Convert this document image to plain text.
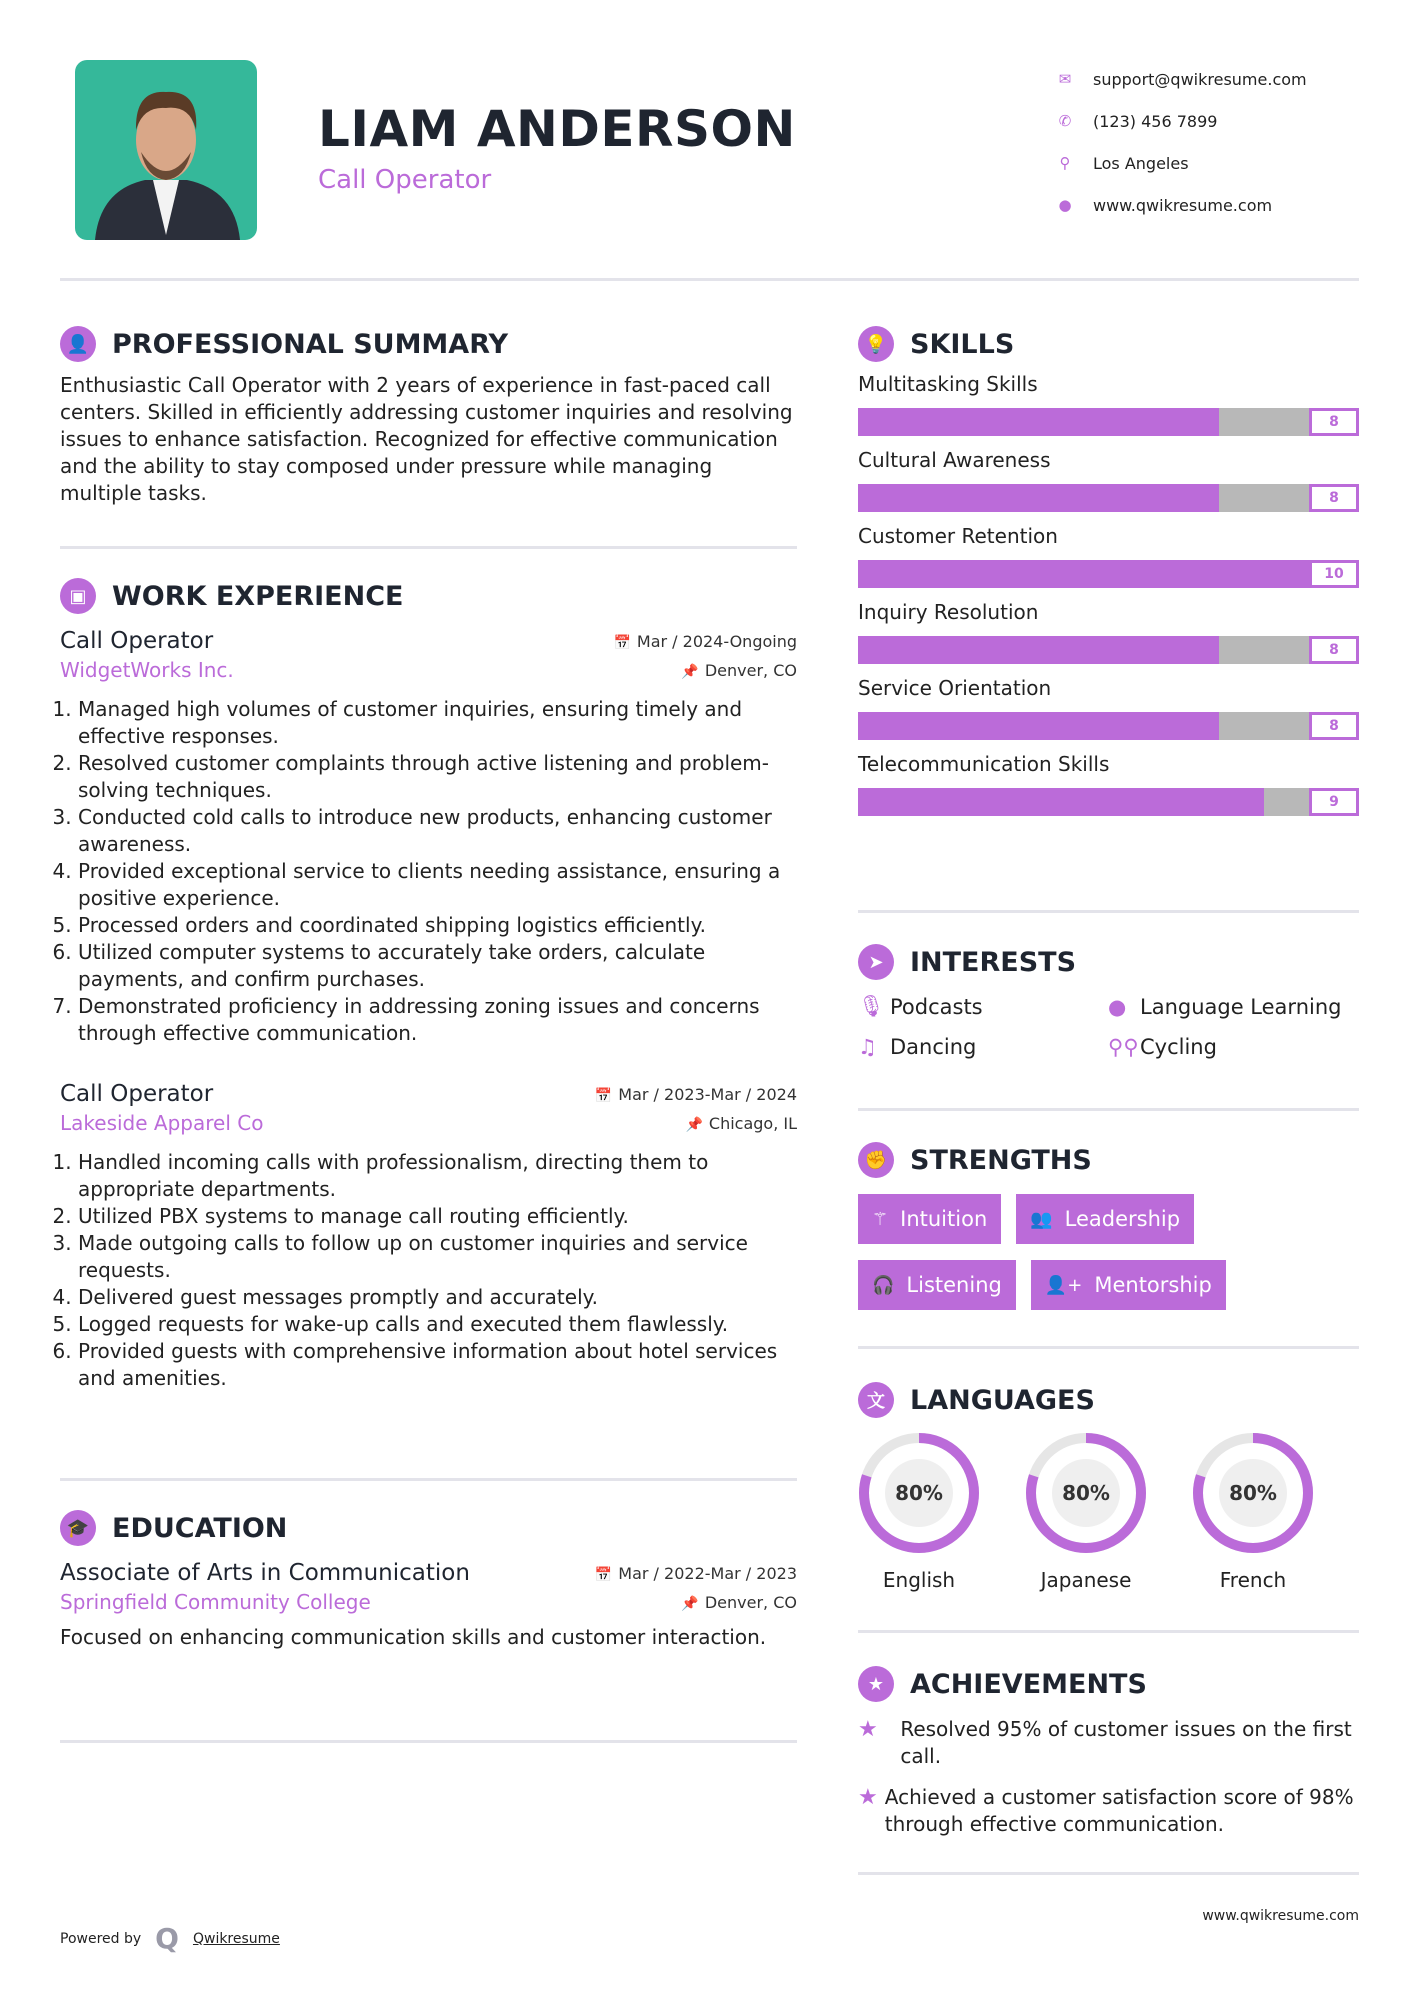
LIAM ANDERSON
Call Operator
✉ support@qwikresume.com
✆ (123) 456 7899
⚲ Los Angeles
● www.qwikresume.com
👤 PROFESSIONAL SUMMARY

Enthusiastic Call Operator with 2 years of experience in fast-paced call centers. Skilled in efficiently addressing customer inquiries and resolving issues to enhance satisfaction. Recognized for effective communication and the ability to stay composed under pressure while managing multiple tasks.

▣ WORK EXPERIENCE
Call Operator	📅 Mar / 2024-Ongoing
WidgetWorks Inc.	📌 Denver, CO
1. Managed high volumes of customer inquiries, ensuring timely and effective responses.
2. Resolved customer complaints through active listening and problem-solving techniques.
3. Conducted cold calls to introduce new products, enhancing customer awareness.
4. Provided exceptional service to clients needing assistance, ensuring a positive experience.
5. Processed orders and coordinated shipping logistics efficiently.
6. Utilized computer systems to accurately take orders, calculate payments, and confirm purchases.
7. Demonstrated proficiency in addressing zoning issues and concerns through effective communication.
Call Operator	📅 Mar / 2023-Mar / 2024
Lakeside Apparel Co	📌 Chicago, IL
1. Handled incoming calls with professionalism, directing them to appropriate departments.
2. Utilized PBX systems to manage call routing efficiently.
3. Made outgoing calls to follow up on customer inquiries and service requests.
4. Delivered guest messages promptly and accurately.
5. Logged requests for wake-up calls and executed them flawlessly.
6. Provided guests with comprehensive information about hotel services and amenities.
🎓 EDUCATION
Associate of Arts in Communication	📅 Mar / 2022-Mar / 2023
Springfield Community College	📌 Denver, CO

Focused on enhancing communication skills and customer interaction.

💡 SKILLS
Multitasking Skills
8
Cultural Awareness
8
Customer Retention
10
Inquiry Resolution
8
Service Orientation
8
Telecommunication Skills
9
➤ INTERESTS
🎙 Podcasts	● Language Learning
♫ Dancing	⚲⚲ Cycling
✊ STRENGTHS
⚚ Intuition 👥 Leadership
🎧 Listening 👤+ Mentorship
文 LANGUAGES
80%
English
80%
Japanese
80%
French
★ ACHIEVEMENTS
★	Resolved 95% of customer issues on the first call.
★ Achieved a customer satisfaction score of 98% through effective communication.
Powered by Q Qwikresume
www.qwikresume.com
